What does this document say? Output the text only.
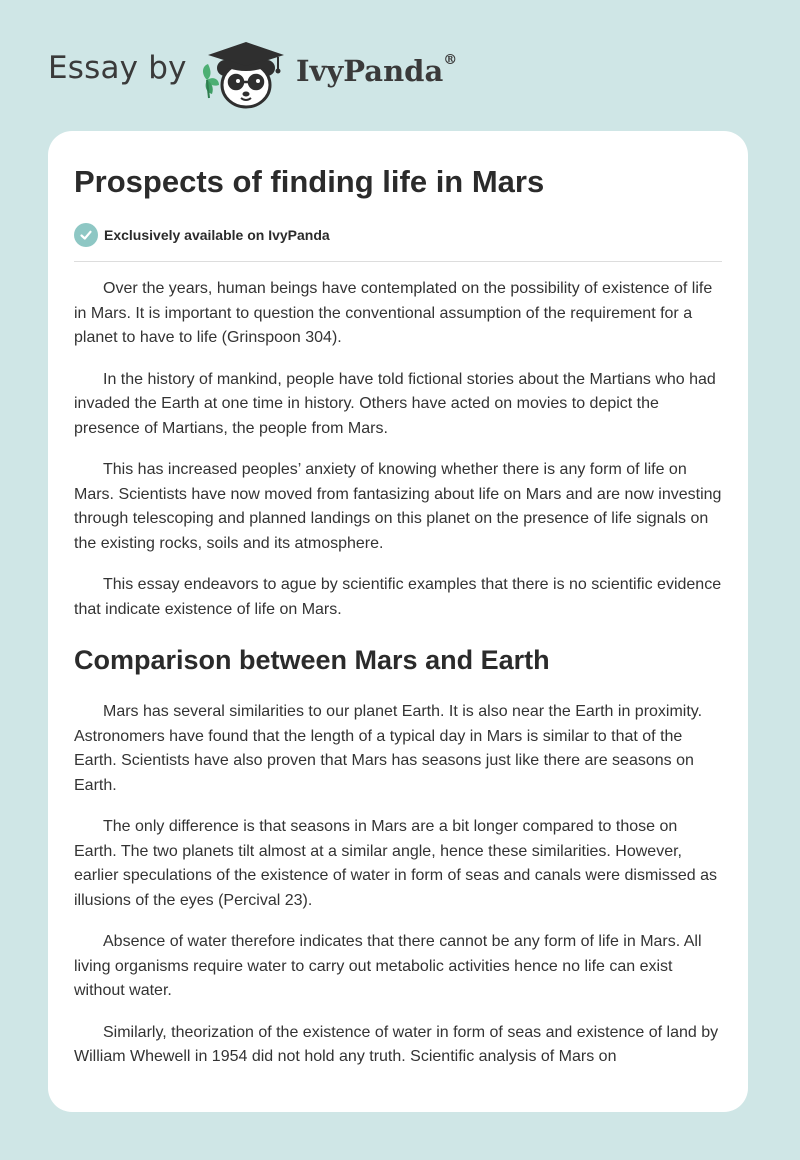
Essay by	IvyPanda®
Prospects of finding life in Mars
Exclusively available on IvyPanda

Over the years, human beings have contemplated on the possibility of existence of life in Mars. It is important to question the conventional assumption of the requirement for a planet to have to life (Grinspoon 304).

In the history of mankind, people have told fictional stories about the Martians who had invaded the Earth at one time in history. Others have acted on movies to depict the presence of Martians, the people from Mars.

This has increased peoples’ anxiety of knowing whether there is any form of life on Mars. Scientists have now moved from fantasizing about life on Mars and are now investing through telescoping and planned landings on this planet on the presence of life signals on the existing rocks, soils and its atmosphere.

This essay endeavors to ague by scientific examples that there is no scientific evidence that indicate existence of life on Mars.

Comparison between Mars and Earth

Mars has several similarities to our planet Earth. It is also near the Earth in proximity. Astronomers have found that the length of a typical day in Mars is similar to that of the Earth. Scientists have also proven that Mars has seasons just like there are seasons on Earth.

The only difference is that seasons in Mars are a bit longer compared to those on Earth. The two planets tilt almost at a similar angle, hence these similarities. However, earlier speculations of the existence of water in form of seas and canals were dismissed as illusions of the eyes (Percival 23).

Absence of water therefore indicates that there cannot be any form of life in Mars. All living organisms require water to carry out metabolic activities hence no life can exist without water.

Similarly, theorization of the existence of water in form of seas and existence of land by William Whewell in 1954 did not hold any truth. Scientific analysis of Mars on
